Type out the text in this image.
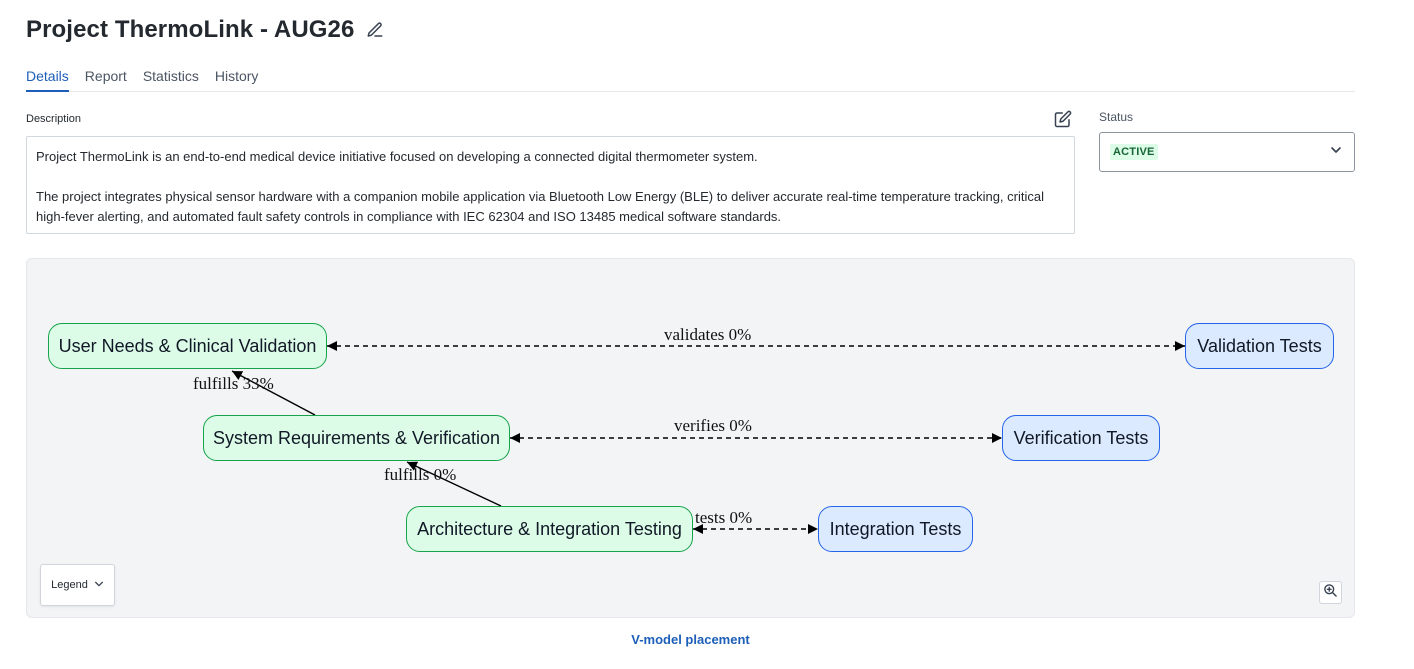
Project ThermoLink - AUG26
Details Report Statistics History
Description

Project ThermoLink is an end-to-end medical device initiative focused on developing a connected digital thermometer system.

The project integrates physical sensor hardware with a companion mobile application via Bluetooth Low Energy (BLE) to deliver accurate real-time temperature tracking, critical high-fever alerting, and automated fault safety controls in compliance with IEC 62304 and ISO 13485 medical software standards.

Status
ACTIVE
User Needs & Clinical Validation
System Requirements & Verification
Architecture & Integration Testing
Validation Tests
Verification Tests
Integration Tests
validates 0%
verifies 0%
tests 0%
fulfills 33%
fulfills 0%
Legend
V-model placement
